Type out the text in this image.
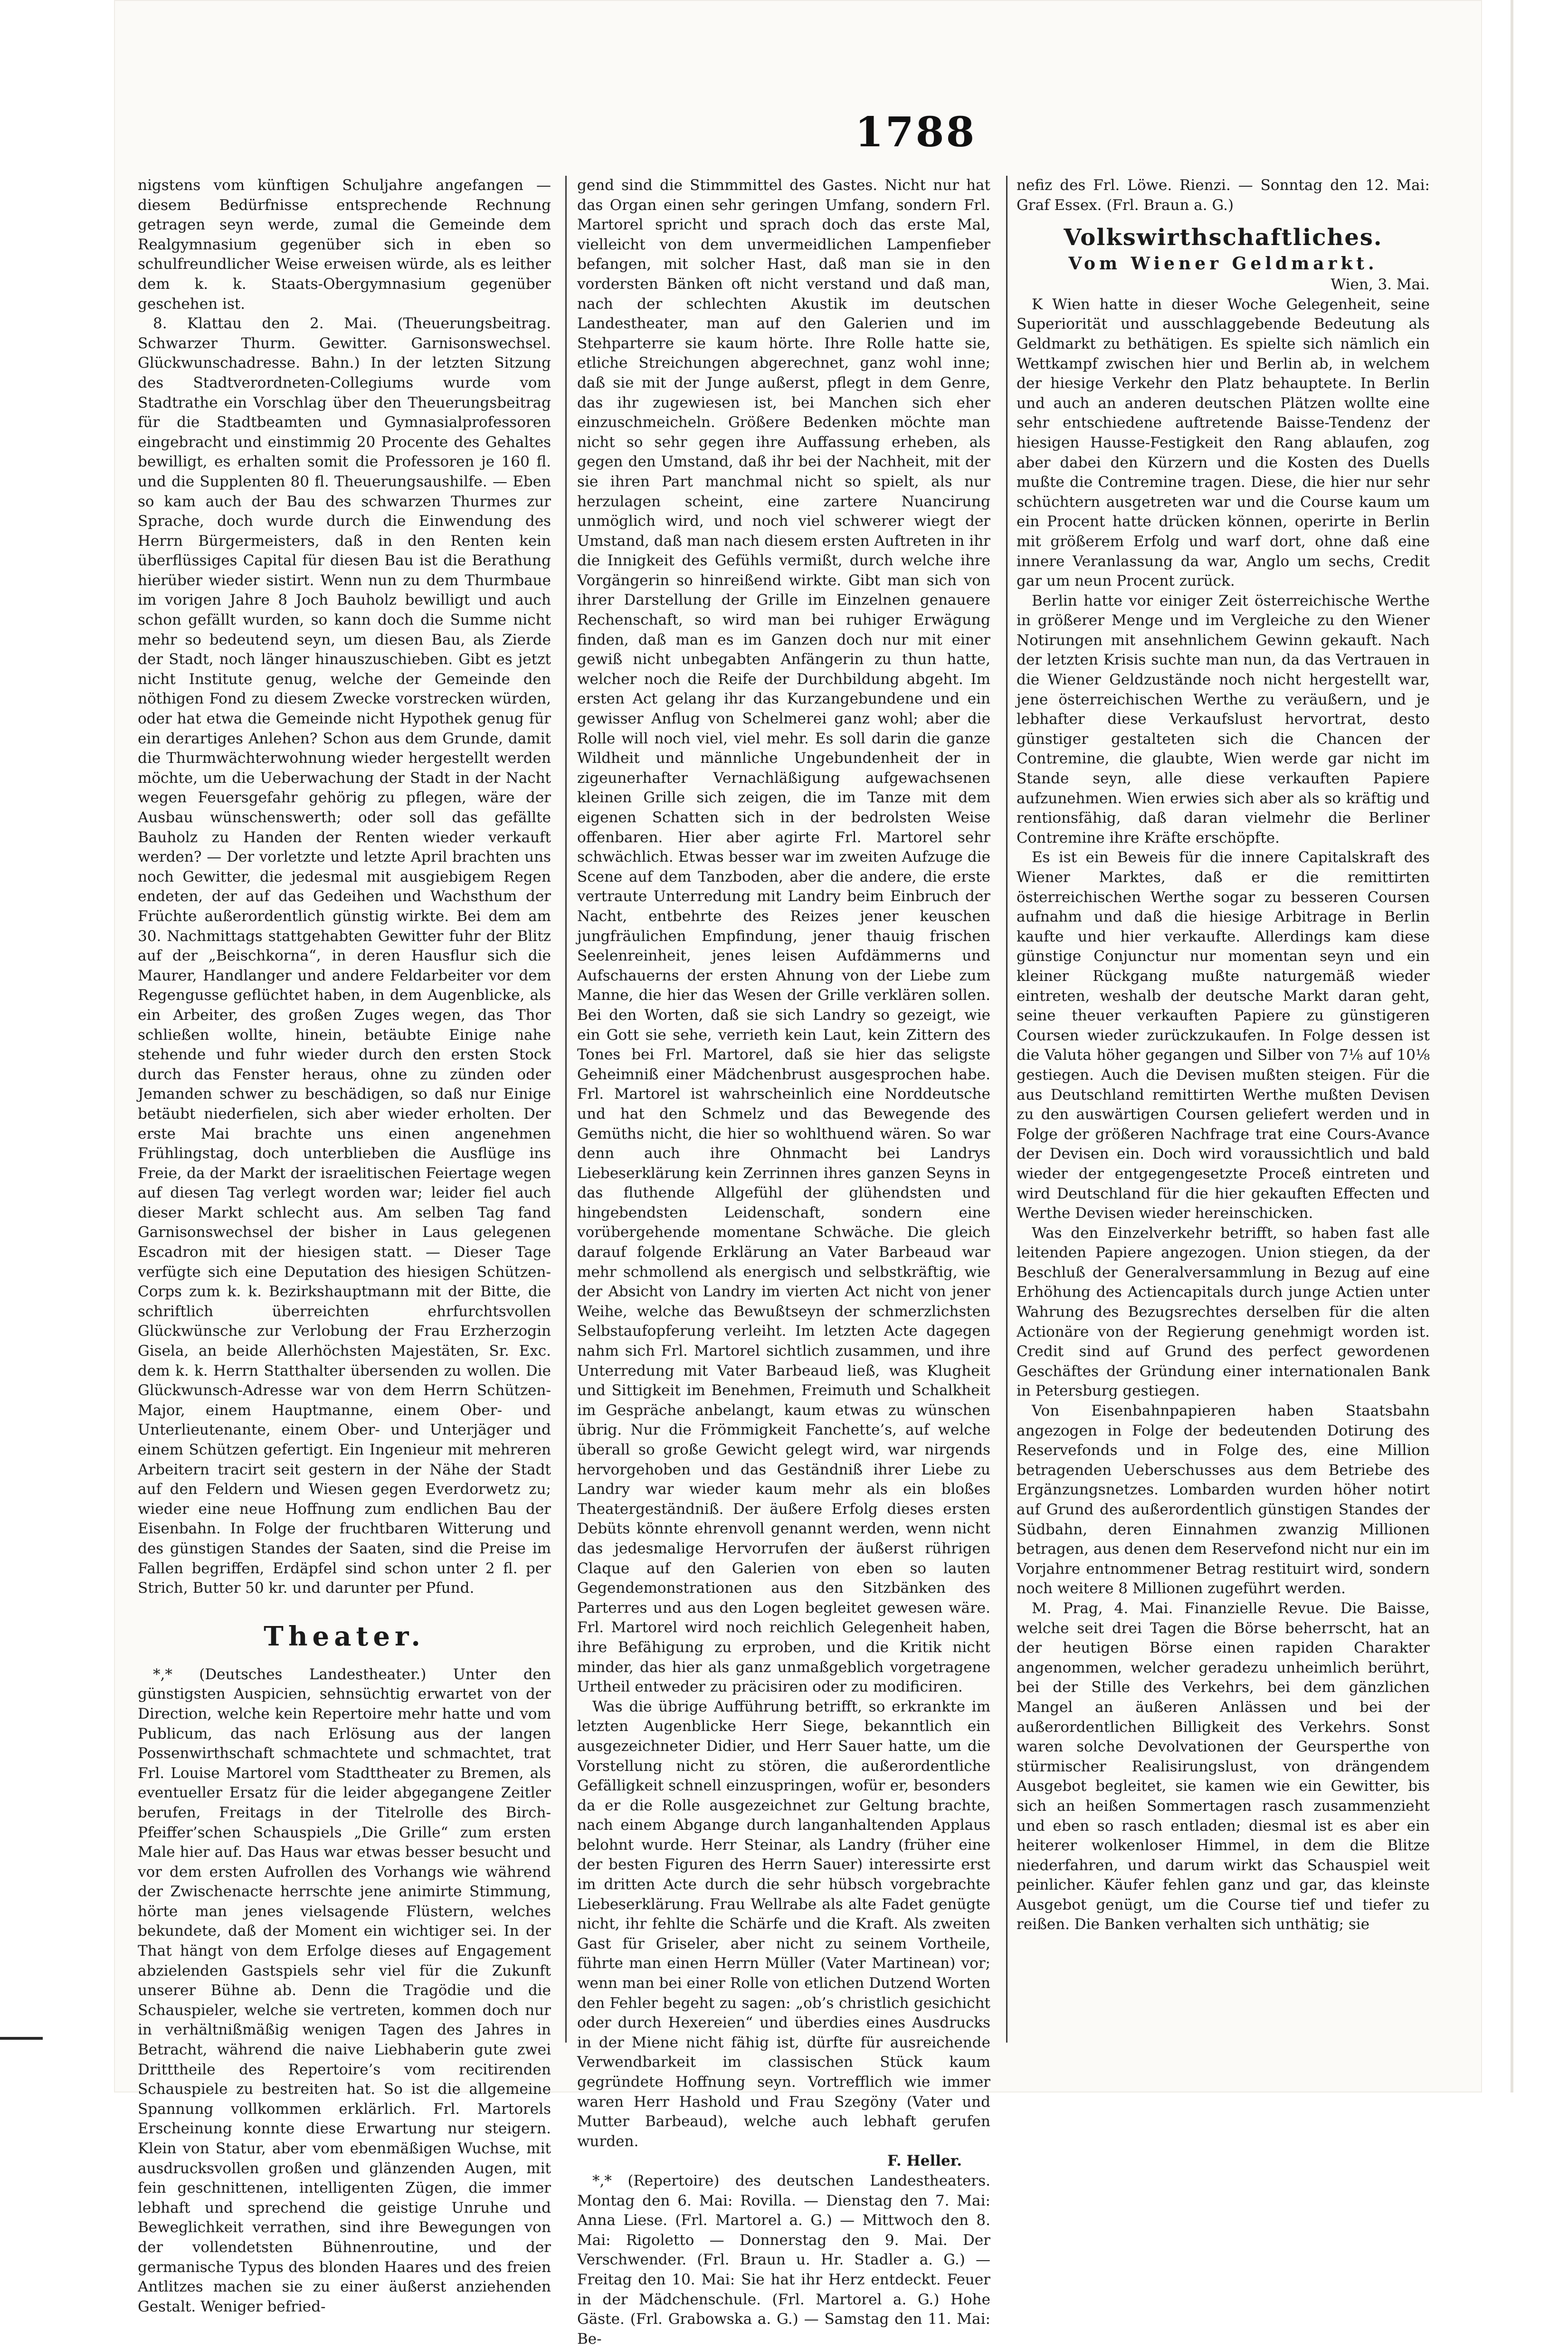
1788

nigstens vom künftigen Schuljahre angefangen — diesem Bedürfnisse entsprechende Rechnung getragen seyn werde, zumal die Gemeinde dem Realgymnasium gegenüber sich in eben so schulfreundlicher Weise erweisen würde, als es leither dem k. k. Staats-Obergymnasium gegenüber geschehen ist.

8. Klattau den 2. Mai. (Theuerungsbeitrag. Schwarzer Thurm. Gewitter. Garnisonswechsel. Glückwunschadresse. Bahn.) In der letzten Sitzung des Stadtverordneten-Collegiums wurde vom Stadtrathe ein Vorschlag über den Theuerungsbeitrag für die Stadtbeamten und Gymnasialprofessoren eingebracht und einstimmig 20 Procente des Gehaltes bewilligt, es erhalten somit die Professoren je 160 fl. und die Supplenten 80 fl. Theuerungsaushilfe. — Eben so kam auch der Bau des schwarzen Thurmes zur Sprache, doch wurde durch die Einwendung des Herrn Bürgermeisters, daß in den Renten kein überflüssiges Capital für diesen Bau ist die Berathung hierüber wieder sistirt. Wenn nun zu dem Thurmbaue im vorigen Jahre 8 Joch Bauholz bewilligt und auch schon gefällt wurden, so kann doch die Summe nicht mehr so bedeutend seyn, um diesen Bau, als Zierde der Stadt, noch länger hinauszuschieben. Gibt es jetzt nicht Institute genug, welche der Gemeinde den nöthigen Fond zu diesem Zwecke vorstrecken würden, oder hat etwa die Gemeinde nicht Hypothek genug für ein derartiges Anlehen? Schon aus dem Grunde, damit die Thurmwächterwohnung wieder hergestellt werden möchte, um die Ueberwachung der Stadt in der Nacht wegen Feuersgefahr gehörig zu pflegen, wäre der Ausbau wünschenswerth; oder soll das gefällte Bauholz zu Handen der Renten wieder verkauft werden? — Der vorletzte und letzte April brachten uns noch Gewitter, die jedesmal mit ausgiebigem Regen endeten, der auf das Gedeihen und Wachsthum der Früchte außerordentlich günstig wirkte. Bei dem am 30. Nachmittags stattgehabten Gewitter fuhr der Blitz auf der „Beischkorna“, in deren Hausflur sich die Maurer, Handlanger und andere Feldarbeiter vor dem Regengusse geflüchtet haben, in dem Augenblicke, als ein Arbeiter, des großen Zuges wegen, das Thor schließen wollte, hinein, betäubte Einige nahe stehende und fuhr wieder durch den ersten Stock durch das Fenster heraus, ohne zu zünden oder Jemanden schwer zu beschädigen, so daß nur Einige betäubt niederfielen, sich aber wieder erholten. Der erste Mai brachte uns einen angenehmen Frühlingstag, doch unterblieben die Ausflüge ins Freie, da der Markt der israelitischen Feiertage wegen auf diesen Tag verlegt worden war; leider fiel auch dieser Markt schlecht aus. Am selben Tag fand Garnisonswechsel der bisher in Laus gelegenen Escadron mit der hiesigen statt. — Dieser Tage verfügte sich eine Deputation des hiesigen Schützen-Corps zum k. k. Bezirkshauptmann mit der Bitte, die schriftlich überreichten ehrfurchtsvollen Glückwünsche zur Verlobung der Frau Erzherzogin Gisela, an beide Allerhöchsten Majestäten, Sr. Exc. dem k. k. Herrn Statthalter übersenden zu wollen. Die Glückwunsch-Adresse war von dem Herrn Schützen-Major, einem Hauptmanne, einem Ober- und Unterlieutenante, einem Ober- und Unterjäger und einem Schützen gefertigt. Ein Ingenieur mit mehreren Arbeitern tracirt seit gestern in der Nähe der Stadt auf den Feldern und Wiesen gegen Everdorwetz zu; wieder eine neue Hoffnung zum endlichen Bau der Eisenbahn. In Folge der fruchtbaren Witterung und des günstigen Standes der Saaten, sind die Preise im Fallen begriffen, Erdäpfel sind schon unter 2 fl. per Strich, Butter 50 kr. und darunter per Pfund.

Theater.

*,* (Deutsches Landestheater.) Unter den günstigsten Auspicien, sehnsüchtig erwartet von der Direction, welche kein Repertoire mehr hatte und vom Publicum, das nach Erlösung aus der langen Possenwirthschaft schmachtete und schmachtet, trat Frl. Louise Martorel vom Stadttheater zu Bremen, als eventueller Ersatz für die leider abgegangene Zeitler berufen, Freitags in der Titelrolle des Birch-Pfeiffer’schen Schauspiels „Die Grille“ zum ersten Male hier auf. Das Haus war etwas besser besucht und vor dem ersten Aufrollen des Vorhangs wie während der Zwischenacte herrschte jene animirte Stimmung, hörte man jenes vielsagende Flüstern, welches bekundete, daß der Moment ein wichtiger sei. In der That hängt von dem Erfolge dieses auf Engagement abzielenden Gastspiels sehr viel für die Zukunft unserer Bühne ab. Denn die Tragödie und die Schauspieler, welche sie vertreten, kommen doch nur in verhältnißmäßig wenigen Tagen des Jahres in Betracht, während die naive Liebhaberin gute zwei Dritttheile des Repertoire’s vom recitirenden Schauspiele zu bestreiten hat. So ist die allgemeine Spannung vollkommen erklärlich. Frl. Martorels Erscheinung konnte diese Erwartung nur steigern. Klein von Statur, aber vom ebenmäßigen Wuchse, mit ausdrucksvollen großen und glänzenden Augen, mit fein geschnittenen, intelligenten Zügen, die immer lebhaft und sprechend die geistige Unruhe und Beweglichkeit verrathen, sind ihre Bewegungen von der vollendetsten Bühnenroutine, und der germanische Typus des blonden Haares und des freien Antlitzes machen sie zu einer äußerst anziehenden Gestalt. Weniger befried-

gend sind die Stimmmittel des Gastes. Nicht nur hat das Organ einen sehr geringen Umfang, sondern Frl. Martorel spricht und sprach doch das erste Mal, vielleicht von dem unvermeidlichen Lampenfieber befangen, mit solcher Hast, daß man sie in den vordersten Bänken oft nicht verstand und daß man, nach der schlechten Akustik im deutschen Landestheater, man auf den Galerien und im Stehparterre sie kaum hörte. Ihre Rolle hatte sie, etliche Streichungen abgerechnet, ganz wohl inne; daß sie mit der Junge außerst, pflegt in dem Genre, das ihr zugewiesen ist, bei Manchen sich eher einzuschmeicheln. Größere Bedenken möchte man nicht so sehr gegen ihre Auffassung erheben, als gegen den Umstand, daß ihr bei der Nachheit, mit der sie ihren Part manchmal nicht so spielt, als nur herzulagen scheint, eine zartere Nuancirung unmöglich wird, und noch viel schwerer wiegt der Umstand, daß man nach diesem ersten Auftreten in ihr die Innigkeit des Gefühls vermißt, durch welche ihre Vorgängerin so hinreißend wirkte. Gibt man sich von ihrer Darstellung der Grille im Einzelnen genauere Rechenschaft, so wird man bei ruhiger Erwägung finden, daß man es im Ganzen doch nur mit einer gewiß nicht unbegabten Anfängerin zu thun hatte, welcher noch die Reife der Durchbildung abgeht. Im ersten Act gelang ihr das Kurzangebundene und ein gewisser Anflug von Schelmerei ganz wohl; aber die Rolle will noch viel, viel mehr. Es soll darin die ganze Wildheit und männliche Ungebundenheit der in zigeunerhafter Vernachläßigung aufgewachsenen kleinen Grille sich zeigen, die im Tanze mit dem eigenen Schatten sich in der bedrolsten Weise offenbaren. Hier aber agirte Frl. Martorel sehr schwächlich. Etwas besser war im zweiten Aufzuge die Scene auf dem Tanzboden, aber die andere, die erste vertraute Unterredung mit Landry beim Einbruch der Nacht, entbehrte des Reizes jener keuschen jungfräulichen Empfindung, jener thauig frischen Seelenreinheit, jenes leisen Aufdämmerns und Aufschauerns der ersten Ahnung von der Liebe zum Manne, die hier das Wesen der Grille verklären sollen. Bei den Worten, daß sie sich Landry so gezeigt, wie ein Gott sie sehe, verrieth kein Laut, kein Zittern des Tones bei Frl. Martorel, daß sie hier das seligste Geheimniß einer Mädchenbrust ausgesprochen habe. Frl. Martorel ist wahrscheinlich eine Norddeutsche und hat den Schmelz und das Bewegende des Gemüths nicht, die hier so wohlthuend wären. So war denn auch ihre Ohnmacht bei Landrys Liebeserklärung kein Zerrinnen ihres ganzen Seyns in das fluthende Allgefühl der glühendsten und hingebendsten Leidenschaft, sondern eine vorübergehende momentane Schwäche. Die gleich darauf folgende Erklärung an Vater Barbeaud war mehr schmollend als energisch und selbstkräftig, wie der Absicht von Landry im vierten Act nicht von jener Weihe, welche das Bewußtseyn der schmerzlichsten Selbstaufopferung verleiht. Im letzten Acte dagegen nahm sich Frl. Martorel sichtlich zusammen, und ihre Unterredung mit Vater Barbeaud ließ, was Klugheit und Sittigkeit im Benehmen, Freimuth und Schalkheit im Gespräche anbelangt, kaum etwas zu wünschen übrig. Nur die Frömmigkeit Fanchette’s, auf welche überall so große Gewicht gelegt wird, war nirgends hervorgehoben und das Geständniß ihrer Liebe zu Landry war wieder kaum mehr als ein bloßes Theatergeständniß. Der äußere Erfolg dieses ersten Debüts könnte ehrenvoll genannt werden, wenn nicht das jedesmalige Hervorrufen der äußerst rührigen Claque auf den Galerien von eben so lauten Gegendemonstrationen aus den Sitzbänken des Parterres und aus den Logen begleitet gewesen wäre. Frl. Martorel wird noch reichlich Gelegenheit haben, ihre Befähigung zu erproben, und die Kritik nicht minder, das hier als ganz unmaßgeblich vorgetragene Urtheil entweder zu präcisiren oder zu modificiren.

Was die übrige Aufführung betrifft, so erkrankte im letzten Augenblicke Herr Siege, bekanntlich ein ausgezeichneter Didier, und Herr Sauer hatte, um die Vorstellung nicht zu stören, die außerordentliche Gefälligkeit schnell einzuspringen, wofür er, besonders da er die Rolle ausgezeichnet zur Geltung brachte, nach einem Abgange durch langanhaltenden Applaus belohnt wurde. Herr Steinar, als Landry (früher eine der besten Figuren des Herrn Sauer) interessirte erst im dritten Acte durch die sehr hübsch vorgebrachte Liebeserklärung. Frau Wellrabe als alte Fadet genügte nicht, ihr fehlte die Schärfe und die Kraft. Als zweiten Gast für Griseler, aber nicht zu seinem Vortheile, führte man einen Herrn Müller (Vater Martinean) vor; wenn man bei einer Rolle von etlichen Dutzend Worten den Fehler begeht zu sagen: „ob’s christlich gesichicht oder durch Hexereien“ und überdies eines Ausdrucks in der Miene nicht fähig ist, dürfte für ausreichende Verwendbarkeit im classischen Stück kaum gegründete Hoffnung seyn. Vortrefflich wie immer waren Herr Hashold und Frau Szegöny (Vater und Mutter Barbeaud), welche auch lebhaft gerufen wurden.

F. Heller.

*,* (Repertoire) des deutschen Landestheaters. Montag den 6. Mai: Rovilla. — Dienstag den 7. Mai: Anna Liese. (Frl. Martorel a. G.) — Mittwoch den 8. Mai: Rigoletto — Donnerstag den 9. Mai. Der Verschwender. (Frl. Braun u. Hr. Stadler a. G.) — Freitag den 10. Mai: Sie hat ihr Herz entdeckt. Feuer in der Mädchenschule. (Frl. Martorel a. G.) Hohe Gäste. (Frl. Grabowska a. G.) — Samstag den 11. Mai: Be-

nefiz des Frl. Löwe. Rienzi. — Sonntag den 12. Mai: Graf Essex. (Frl. Braun a. G.)

Volkswirthschaftliches.
Vom Wiener Geldmarkt.
Wien, 3. Mai.

K Wien hatte in dieser Woche Gelegenheit, seine Superiorität und ausschlaggebende Bedeutung als Geldmarkt zu bethätigen. Es spielte sich nämlich ein Wettkampf zwischen hier und Berlin ab, in welchem der hiesige Verkehr den Platz behauptete. In Berlin und auch an anderen deutschen Plätzen wollte eine sehr entschiedene auftretende Baisse-Tendenz der hiesigen Hausse-Festigkeit den Rang ablaufen, zog aber dabei den Kürzern und die Kosten des Duells mußte die Contremine tragen. Diese, die hier nur sehr schüchtern ausgetreten war und die Course kaum um ein Procent hatte drücken können, operirte in Berlin mit größerem Erfolg und warf dort, ohne daß eine innere Veranlassung da war, Anglo um sechs, Credit gar um neun Procent zurück.

Berlin hatte vor einiger Zeit österreichische Werthe in größerer Menge und im Vergleiche zu den Wiener Notirungen mit ansehnlichem Gewinn gekauft. Nach der letzten Krisis suchte man nun, da das Vertrauen in die Wiener Geldzustände noch nicht hergestellt war, jene österreichischen Werthe zu veräußern, und je lebhafter diese Verkaufslust hervortrat, desto günstiger gestalteten sich die Chancen der Contremine, die glaubte, Wien werde gar nicht im Stande seyn, alle diese verkauften Papiere aufzunehmen. Wien erwies sich aber als so kräftig und rentionsfähig, daß daran vielmehr die Berliner Contremine ihre Kräfte erschöpfte.

Es ist ein Beweis für die innere Capitalskraft des Wiener Marktes, daß er die remittirten österreichischen Werthe sogar zu besseren Coursen aufnahm und daß die hiesige Arbitrage in Berlin kaufte und hier verkaufte. Allerdings kam diese günstige Conjunctur nur momentan seyn und ein kleiner Rückgang mußte naturgemäß wieder eintreten, weshalb der deutsche Markt daran geht, seine theuer verkauften Papiere zu günstigeren Coursen wieder zurückzukaufen. In Folge dessen ist die Valuta höher gegangen und Silber von 7⅛ auf 10⅛ gestiegen. Auch die Devisen mußten steigen. Für die aus Deutschland remittirten Werthe mußten Devisen zu den auswärtigen Coursen geliefert werden und in Folge der größeren Nachfrage trat eine Cours-Avance der Devisen ein. Doch wird voraussichtlich und bald wieder der entgegengesetzte Proceß eintreten und wird Deutschland für die hier gekauften Effecten und Werthe Devisen wieder hereinschicken.

Was den Einzelverkehr betrifft, so haben fast alle leitenden Papiere angezogen. Union stiegen, da der Beschluß der Generalversammlung in Bezug auf eine Erhöhung des Actiencapitals durch junge Actien unter Wahrung des Bezugsrechtes derselben für die alten Actionäre von der Regierung genehmigt worden ist. Credit sind auf Grund des perfect gewordenen Geschäftes der Gründung einer internationalen Bank in Petersburg gestiegen.

Von Eisenbahnpapieren haben Staatsbahn angezogen in Folge der bedeutenden Dotirung des Reservefonds und in Folge des, eine Million betragenden Ueberschusses aus dem Betriebe des Ergänzungsnetzes. Lombarden wurden höher notirt auf Grund des außerordentlich günstigen Standes der Südbahn, deren Einnahmen zwanzig Millionen betragen, aus denen dem Reservefond nicht nur ein im Vorjahre entnommener Betrag restituirt wird, sondern noch weitere 8 Millionen zugeführt werden.

M. Prag, 4. Mai. Finanzielle Revue. Die Baisse, welche seit drei Tagen die Börse beherrscht, hat an der heutigen Börse einen rapiden Charakter angenommen, welcher geradezu unheimlich berührt, bei der Stille des Verkehrs, bei dem gänzlichen Mangel an äußeren Anlässen und bei der außerordentlichen Billigkeit des Verkehrs. Sonst waren solche Devolvationen der Geursperthe von stürmischer Realisirungslust, von drängendem Ausgebot begleitet, sie kamen wie ein Gewitter, bis sich an heißen Sommertagen rasch zusammenzieht und eben so rasch entladen; diesmal ist es aber ein heiterer wolkenloser Himmel, in dem die Blitze niederfahren, und darum wirkt das Schauspiel weit peinlicher. Käufer fehlen ganz und gar, das kleinste Ausgebot genügt, um die Course tief und tiefer zu reißen. Die Banken verhalten sich unthätig; sie
